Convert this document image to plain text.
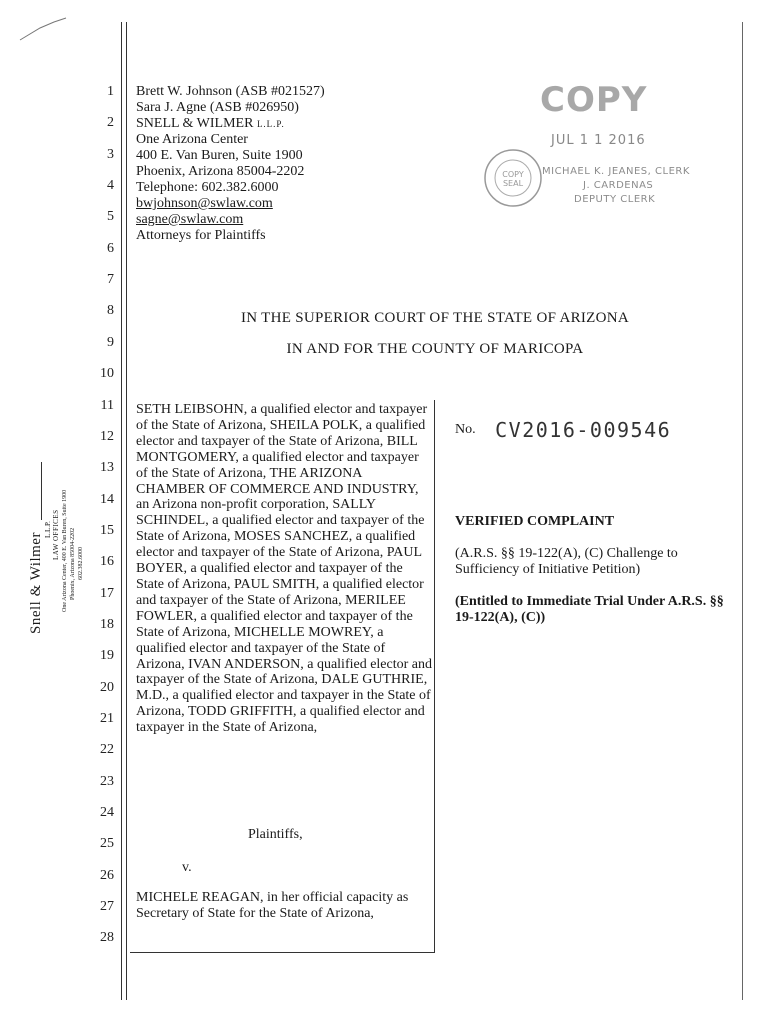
1
2
3
4
5
6
7
8
9
10
11
12
13
14
15
16
17
18
19
20
21
22
23
24
25
26
27
28
Snell & Wilmer
L.L.P. LAW OFFICES One Arizona Center, 400 E. Van Buren, Suite 1900 Phoenix, Arizona 85004-2202 602.382.6000
Brett W. Johnson (ASB #021527)
Sara J. Agne (ASB #026950)
SNELL & WILMER L.L.P.
One Arizona Center
400 E. Van Buren, Suite 1900
Phoenix, Arizona 85004-2202
Telephone: 602.382.6000
bwjohnson@swlaw.com
sagne@swlaw.com
Attorneys for Plaintiffs
COPY
JUL 1 1 2016
COPY
SEAL
MICHAEL K. JEANES, CLERK
J. CARDENAS
DEPUTY CLERK
IN THE SUPERIOR COURT OF THE STATE OF ARIZONA
IN AND FOR THE COUNTY OF MARICOPA
SETH LEIBSOHN, a qualified elector and taxpayer of the State of Arizona, SHEILA POLK, a qualified elector and taxpayer of the State of Arizona, BILL MONTGOMERY, a qualified elector and taxpayer of the State of Arizona, THE ARIZONA CHAMBER OF COMMERCE AND INDUSTRY, an Arizona non-profit corporation, SALLY SCHINDEL, a qualified elector and taxpayer of the State of Arizona, MOSES SANCHEZ, a qualified elector and taxpayer of the State of Arizona, PAUL BOYER, a qualified elector and taxpayer of the State of Arizona, PAUL SMITH, a qualified elector and taxpayer of the State of Arizona, MERILEE FOWLER, a qualified elector and taxpayer of the State of Arizona, MICHELLE MOWREY, a qualified elector and taxpayer of the State of Arizona, IVAN ANDERSON, a qualified elector and taxpayer of the State of Arizona, DALE GUTHRIE, M.D., a qualified elector and taxpayer in the State of Arizona, TODD GRIFFITH, a qualified elector and taxpayer in the State of Arizona,
Plaintiffs,
v.
MICHELE REAGAN, in her official capacity as Secretary of State for the State of Arizona,
No. CV2016-009546
VERIFIED COMPLAINT
(A.R.S. §§ 19-122(A), (C) Challenge to Sufficiency of Initiative Petition)
(Entitled to Immediate Trial Under A.R.S. §§ 19-122(A), (C))
